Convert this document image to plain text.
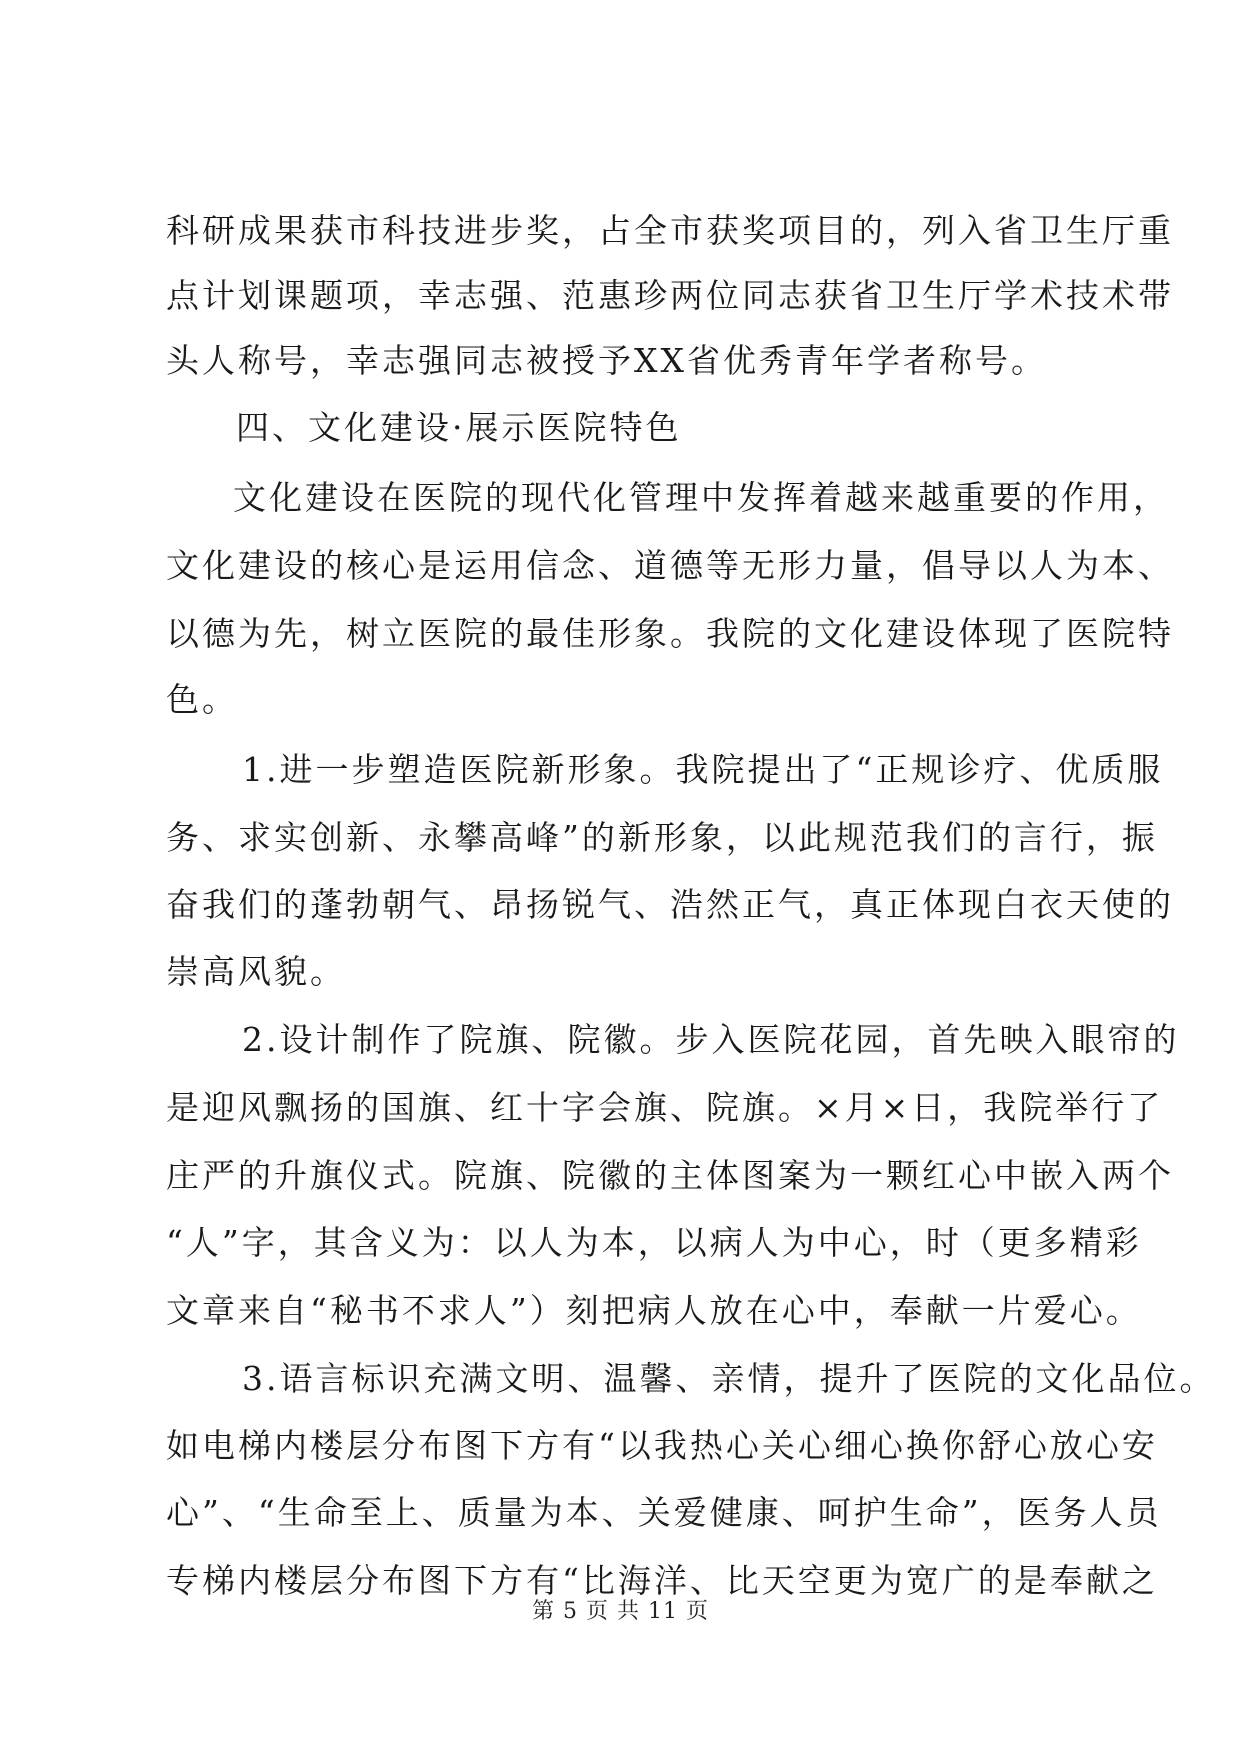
科研成果获市科技进步奖，占全市获奖项目的，列入省卫生厅重
点计划课题项，幸志强、范惠珍两位同志获省卫生厅学术技术带
头人称号，幸志强同志被授予XX省优秀青年学者称号。
四、文化建设·展示医院特色
文化建设在医院的现代化管理中发挥着越来越重要的作用，
文化建设的核心是运用信念、道德等无形力量，倡导以人为本、
以德为先，树立医院的最佳形象。我院的文化建设体现了医院特
色。
1.进一步塑造医院新形象。我院提出了“正规诊疗、优质服
务、求实创新、永攀高峰”的新形象，以此规范我们的言行，振
奋我们的蓬勃朝气、昂扬锐气、浩然正气，真正体现白衣天使的
崇高风貌。
2.设计制作了院旗、院徽。步入医院花园，首先映入眼帘的
是迎风飘扬的国旗、红十字会旗、院旗。×月×日，我院举行了
庄严的升旗仪式。院旗、院徽的主体图案为一颗红心中嵌入两个
“人”字，其含义为：以人为本，以病人为中心，时（更多精彩
文章来自“秘书不求人”）刻把病人放在心中，奉献一片爱心。
3.语言标识充满文明、温馨、亲情，提升了医院的文化品位。
如电梯内楼层分布图下方有“以我热心关心细心换你舒心放心安
心”、“生命至上、质量为本、关爱健康、呵护生命”，医务人员
专梯内楼层分布图下方有“比海洋、比天空更为宽广的是奉献之
第 5 页 共 11 页
